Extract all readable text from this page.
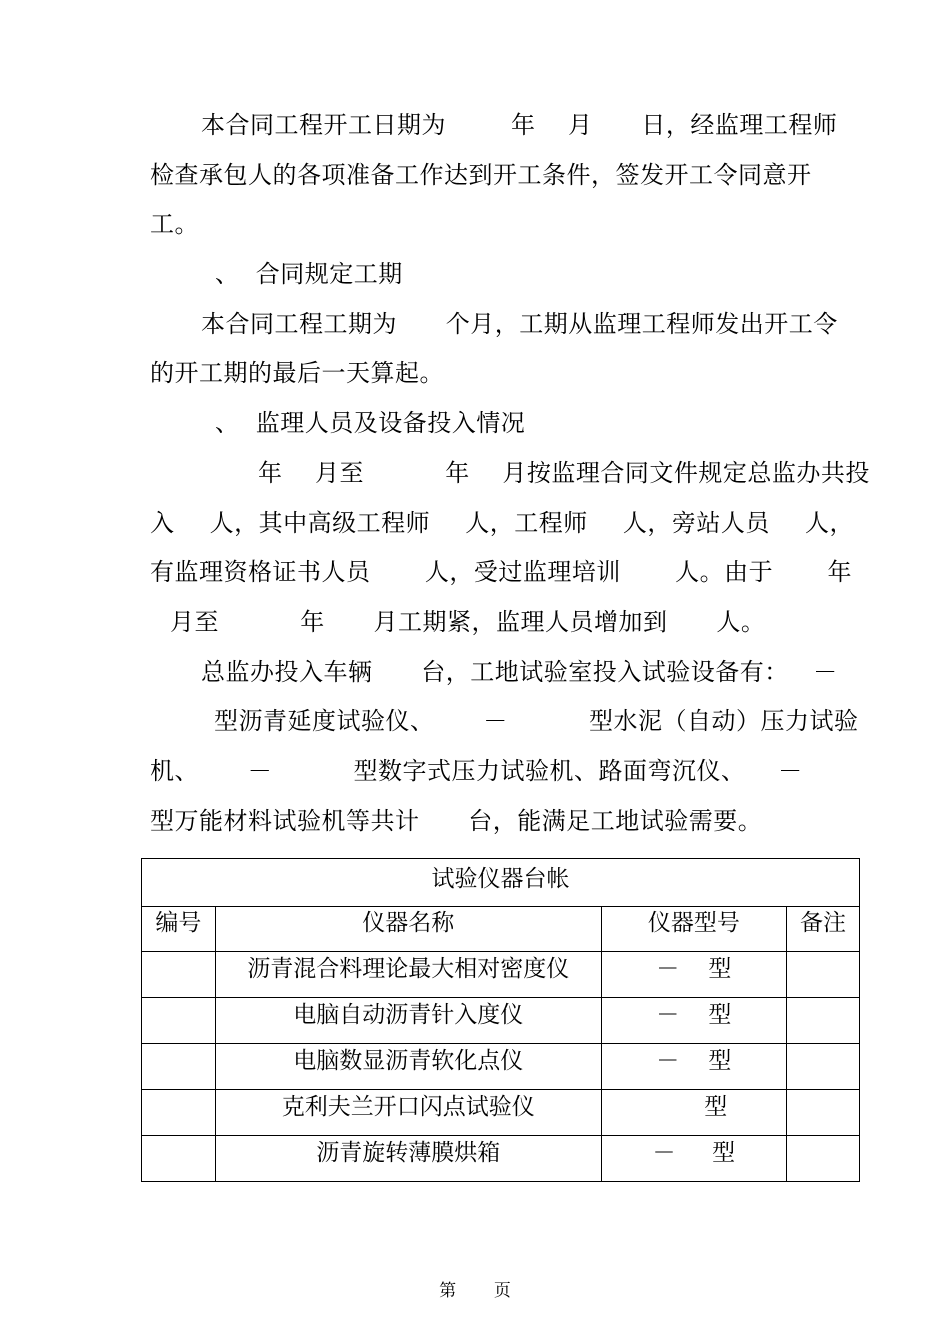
本合同工程开工日期为        年    月      日，经监理工程师
检查承包人的各项准备工作达到开工条件，签发开工令同意开
工。
、  合同规定工期
本合同工程工期为      个月，工期从监理工程师发出开工令
的开工期的最后一天算起。
、  监理人员及设备投入情况
年    月至          年    月按监理合同文件规定总监办共投
入 人，其中高级工程师 人，工程师 人，旁站人员 人，
有监理资格证书人员 人，受过监理培训 人。由于 年
月至          年      月工期紧，监理人员增加到      人。
总监办投入车辆      台，工地试验室投入试验设备有：   －
型沥青延度试验仪、      －          型水泥（自动）压力试验
机、      －          型数字式压力试验机、路面弯沉仪、    －
型万能材料试验机等共计      台，能满足工地试验需要。
试验仪器台帐			
编号	仪器名称	仪器型号	备注
	沥青混合料理论最大相对密度仪	－    型	
	电脑自动沥青针入度仪	－    型	
	电脑数显沥青软化点仪	－    型	
	克利夫兰开口闪点试验仪	型	
	沥青旋转薄膜烘箱	－     型	
第       页
